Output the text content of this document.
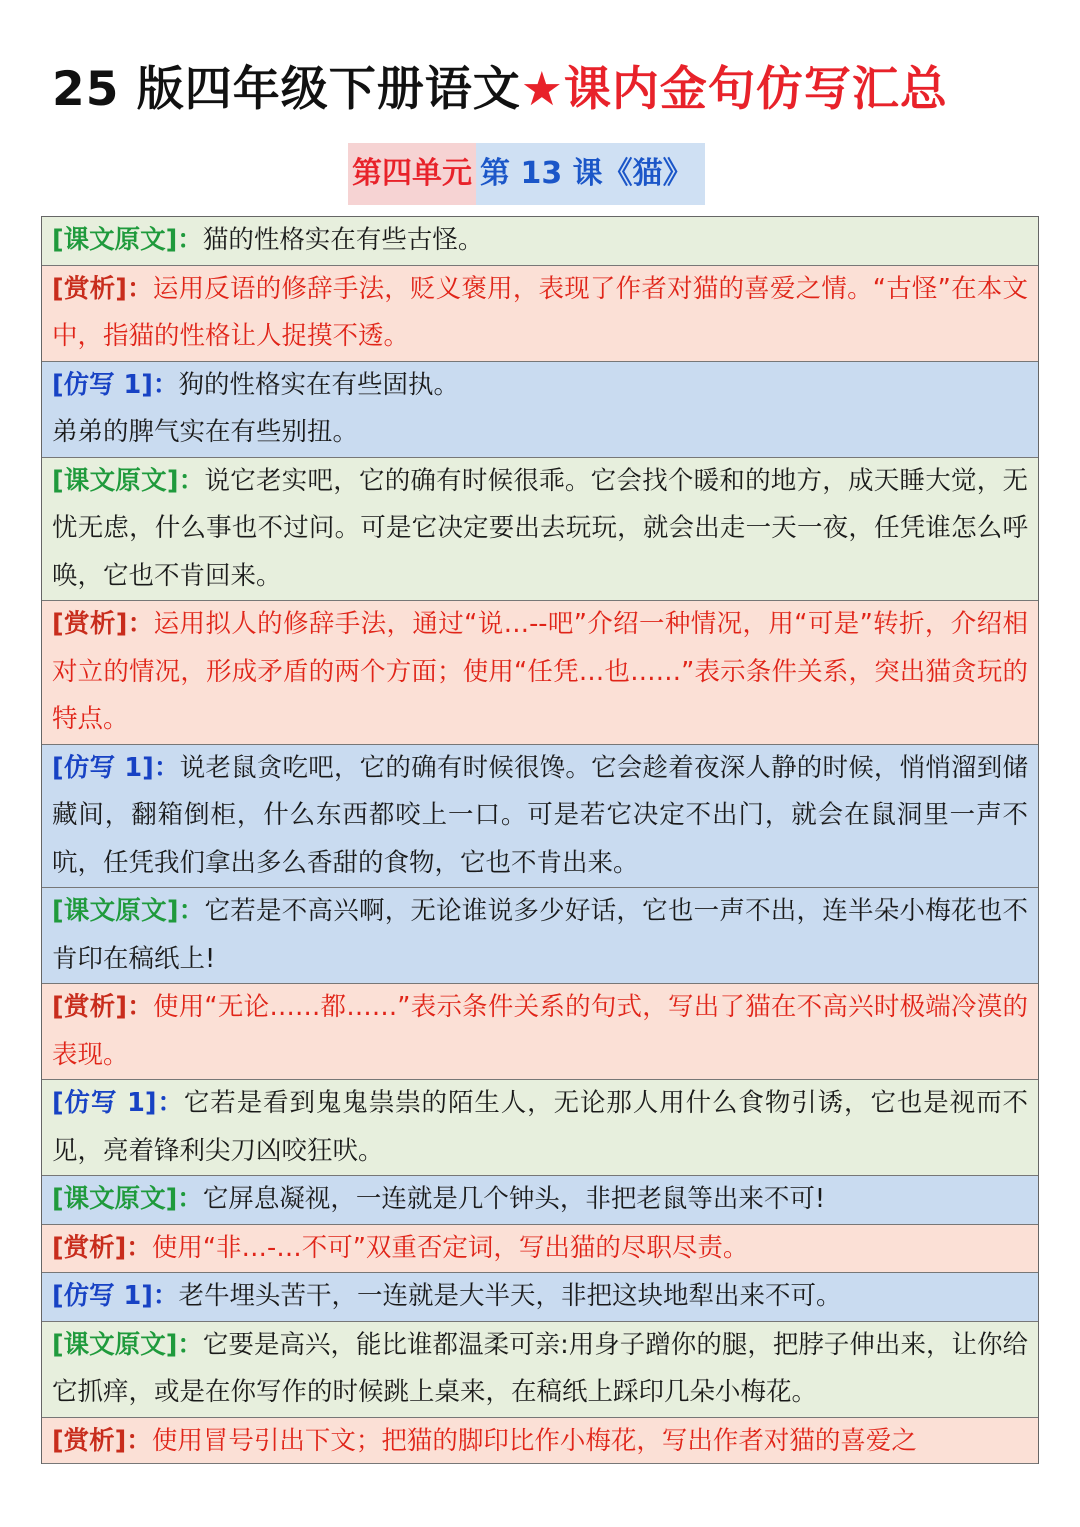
25 版四年级下册语文★课内金句仿写汇总
第四单元 第 13 课《猫》
[课文原文]：猫的性格实在有些古怪。
[赏析]：运用反语的修辞手法，贬义褒用，表现了作者对猫的喜爱之情。“古怪”在本文中，指猫的性格让人捉摸不透。
[仿写 1]：狗的性格实在有些固执。
弟弟的脾气实在有些别扭。
[课文原文]：说它老实吧，它的确有时候很乖。它会找个暖和的地方，成天睡大觉，无忧无虑，什么事也不过问。可是它决定要出去玩玩，就会出走一天一夜，任凭谁怎么呼唤，它也不肯回来。
[赏析]：运用拟人的修辞手法，通过“说…--吧”介绍一种情况，用“可是”转折，介绍相对立的情况，形成矛盾的两个方面；使用“任凭…也……”表示条件关系，突出猫贪玩的特点。
[仿写 1]：说老鼠贪吃吧，它的确有时候很馋。它会趁着夜深人静的时候，悄悄溜到储藏间，翻箱倒柜，什么东西都咬上一口。可是若它决定不出门，就会在鼠洞里一声不吭，任凭我们拿出多么香甜的食物，它也不肯出来。
[课文原文]：它若是不高兴啊，无论谁说多少好话，它也一声不出，连半朵小梅花也不肯印在稿纸上!
[赏析]：使用“无论……都……”表示条件关系的句式，写出了猫在不高兴时极端冷漠的表现。
[仿写 1]：它若是看到鬼鬼祟祟的陌生人，无论那人用什么食物引诱，它也是视而不见，亮着锋利尖刀凶咬狂吠。
[课文原文]：它屏息凝视，一连就是几个钟头，非把老鼠等出来不可!
[赏析]：使用“非…-…不可”双重否定词，写出猫的尽职尽责。
[仿写 1]：老牛埋头苦干，一连就是大半天，非把这块地犁出来不可。
[课文原文]：它要是高兴，能比谁都温柔可亲:用身子蹭你的腿，把脖子伸出来，让你给它抓痒，或是在你写作的时候跳上桌来，在稿纸上踩印几朵小梅花。
[赏析]：使用冒号引出下文；把猫的脚印比作小梅花，写出作者对猫的喜爱之
